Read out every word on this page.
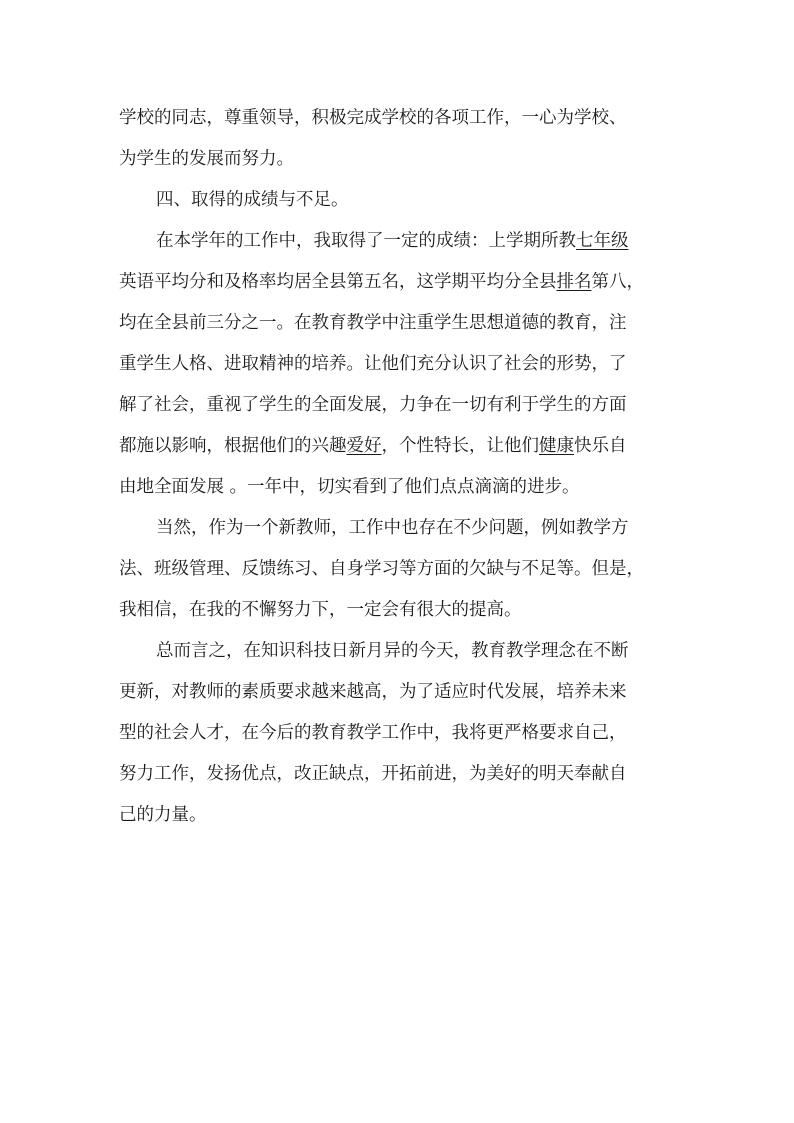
学校的同志，尊重领导，积极完成学校的各项工作，一心为学校、
为学生的发展而努力。
四、取得的成绩与不足。
在本学年的工作中，我取得了一定的成绩：上学期所教七年级
英语平均分和及格率均居全县第五名，这学期平均分全县排名第八，
均在全县前三分之一。在教育教学中注重学生思想道德的教育，注
重学生人格、进取精神的培养。让他们充分认识了社会的形势，了
解了社会，重视了学生的全面发展，力争在一切有利于学生的方面
都施以影响，根据他们的兴趣爱好，个性特长，让他们健康快乐自
由地全面发展 。一年中，切实看到了他们点点滴滴的进步。
当然，作为一个新教师，工作中也存在不少问题，例如教学方
法、班级管理、反馈练习、自身学习等方面的欠缺与不足等。但是，
我相信，在我的不懈努力下，一定会有很大的提高。
总而言之，在知识科技日新月异的今天，教育教学理念在不断
更新，对教师的素质要求越来越高，为了适应时代发展，培养未来
型的社会人才，在今后的教育教学工作中，我将更严格要求自己，
努力工作，发扬优点，改正缺点，开拓前进，为美好的明天奉献自
己的力量。
